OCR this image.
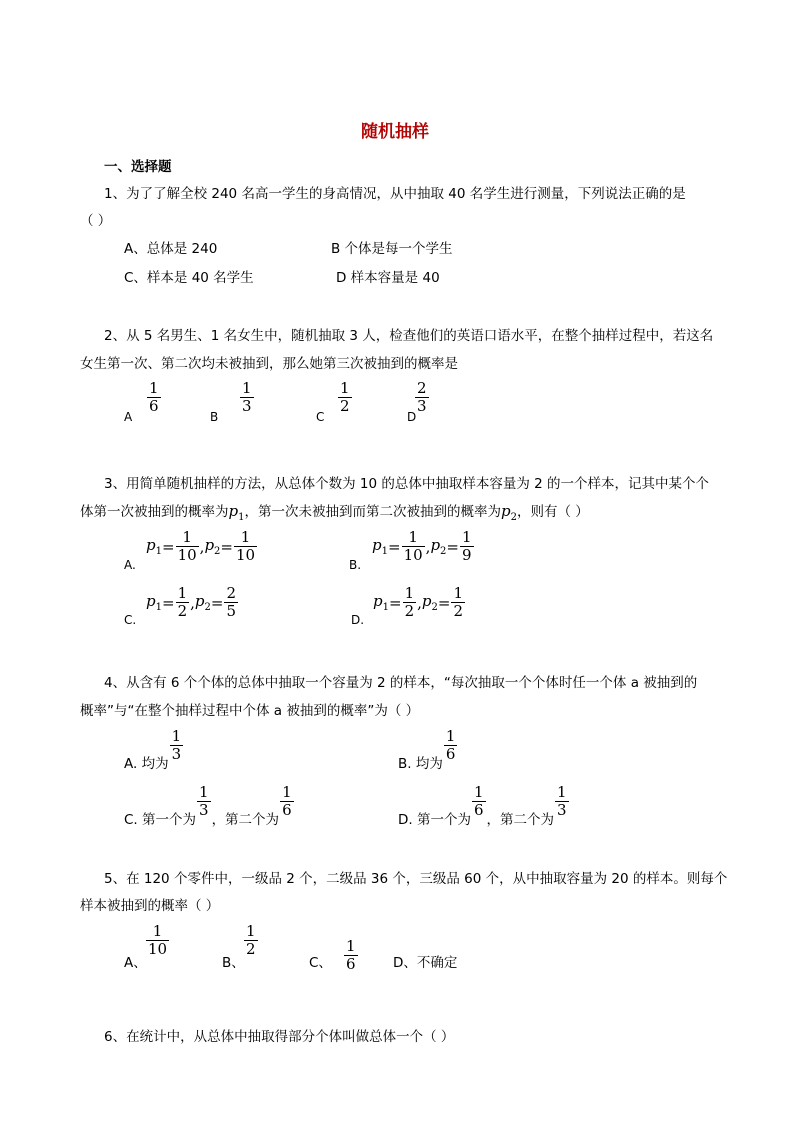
随机抽样
一、选择题
1、为了了解全校 240 名高一学生的身高情况，从中抽取 40 名学生进行测量，下列说法正确的是
（ ）
A、总体是 240	B 个体是每一个学生
C、样本是 40 名学生	D 样本容量是 40
2、从 5 名男生、1 名女生中，随机抽取 3 人，检查他们的英语口语水平，在整个抽样过程中，若这名
女生第一次、第二次均未被抽到，那么她第三次被抽到的概率是
A
$\frac{1}{6}$
B
$\frac{1}{3}$
C
$\frac{1}{2}$
D
$\frac{2}{3}$
3、用简单随机抽样的方法，从总体个数为 10 的总体中抽取样本容量为 2 的一个样本，记其中某个个
体第一次被抽到的概率为$p_1$，第一次未被抽到而第二次被抽到的概率为$p_2$，则有（ ）
A.
$p_1 = \frac{1}{10}$ , $p_2 = \frac{1}{10}$
B.
$p_1 = \frac{1}{10}$ , $p_2 = \frac{1}{9}$
C.
$p_1 = \frac{1}{2}$ , $p_2 = \frac{2}{5}$	D.
$p_1 = \frac{1}{2}$ , $p_2 = \frac{1}{2}$
4、从含有 6 个个体的总体中抽取一个容量为 2 的样本，“每次抽取一个个体时任一个体 a 被抽到的
概率”与“在整个抽样过程中个体 a 被抽到的概率”为（ ）
A. 均为
$\frac{1}{3}$
B. 均为
$\frac{1}{6}$
C. 第一个为
$\frac{1}{3}$
，第二个为
$\frac{1}{6}$
D. 第一个为
$\frac{1}{6}$
，第二个为
$\frac{1}{3}$
5、在 120 个零件中，一级品 2 个，二级品 36 个，三级品 60 个，从中抽取容量为 20 的样本。则每个
样本被抽到的概率（ ）
A、
$\frac{1}{10}$
B、
$\frac{1}{2}$
C、 $\frac{1}{6}$	D、不确定
6、在统计中，从总体中抽取得部分个体叫做总体一个（ ）
